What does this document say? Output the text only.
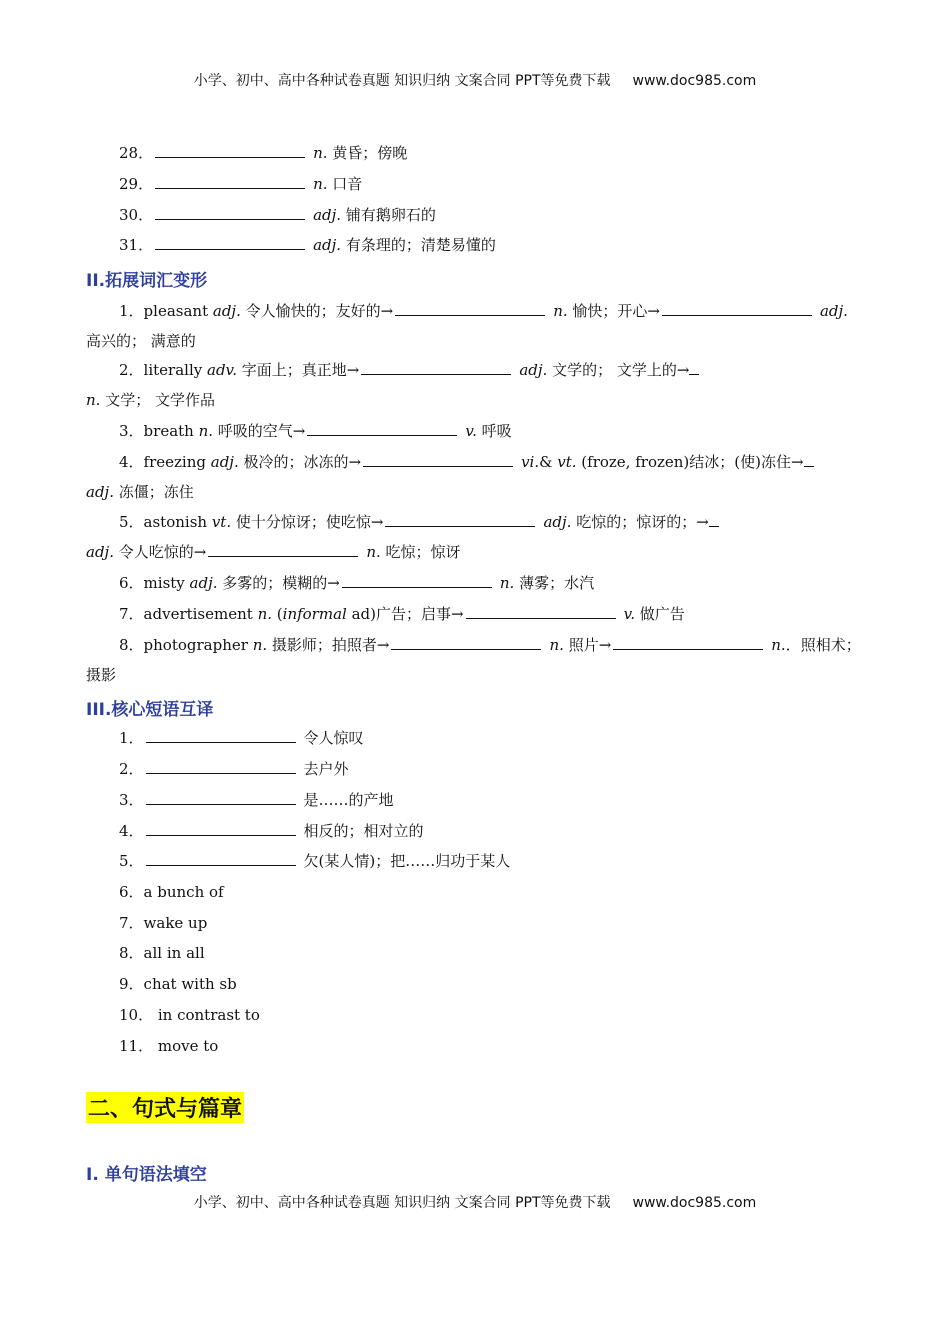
小学、初中、高中各种试卷真题 知识归纳 文案合同 PPT等免费下载 www.doc985.com
28．	n. 黄昏；傍晚
29．	n. 口音
30．	adj. 铺有鹅卵石的
31．	adj. 有条理的；清楚易懂的
II.拓展词汇变形
1．pleasant adj. 令人愉快的；友好的→	n. 愉快；开心→	adj.
高兴的； 满意的
2．literally adv. 字面上；真正地→	adj. 文学的； 文学上的→
n. 文学； 文学作品
3．breath n. 呼吸的空气→	v. 呼吸
4．freezing adj. 极冷的；冰冻的→	vi.& vt. (froze, frozen)结冰；(使)冻住→
adj. 冻僵；冻住
5．astonish vt. 使十分惊讶；使吃惊→	adj. 吃惊的；惊讶的；→
adj. 令人吃惊的→	n. 吃惊；惊讶
6．misty adj. 多雾的；模糊的→	n. 薄雾；水汽
7．advertisement n. (informal ad)广告；启事→	v. 做广告
8．photographer n. 摄影师；拍照者→	n. 照片→	n.．照相术；
摄影
III.核心短语互译
1．	令人惊叹
2．	去户外
3．	是……的产地
4．	相反的；相对立的
5．	欠(某人情)；把……归功于某人
6．a bunch of
7．wake up
8．all in all
9．chat with sb
10． in contrast to
11． move to
二、句式与篇章
I. 单句语法填空
小学、初中、高中各种试卷真题 知识归纳 文案合同 PPT等免费下载 www.doc985.com
